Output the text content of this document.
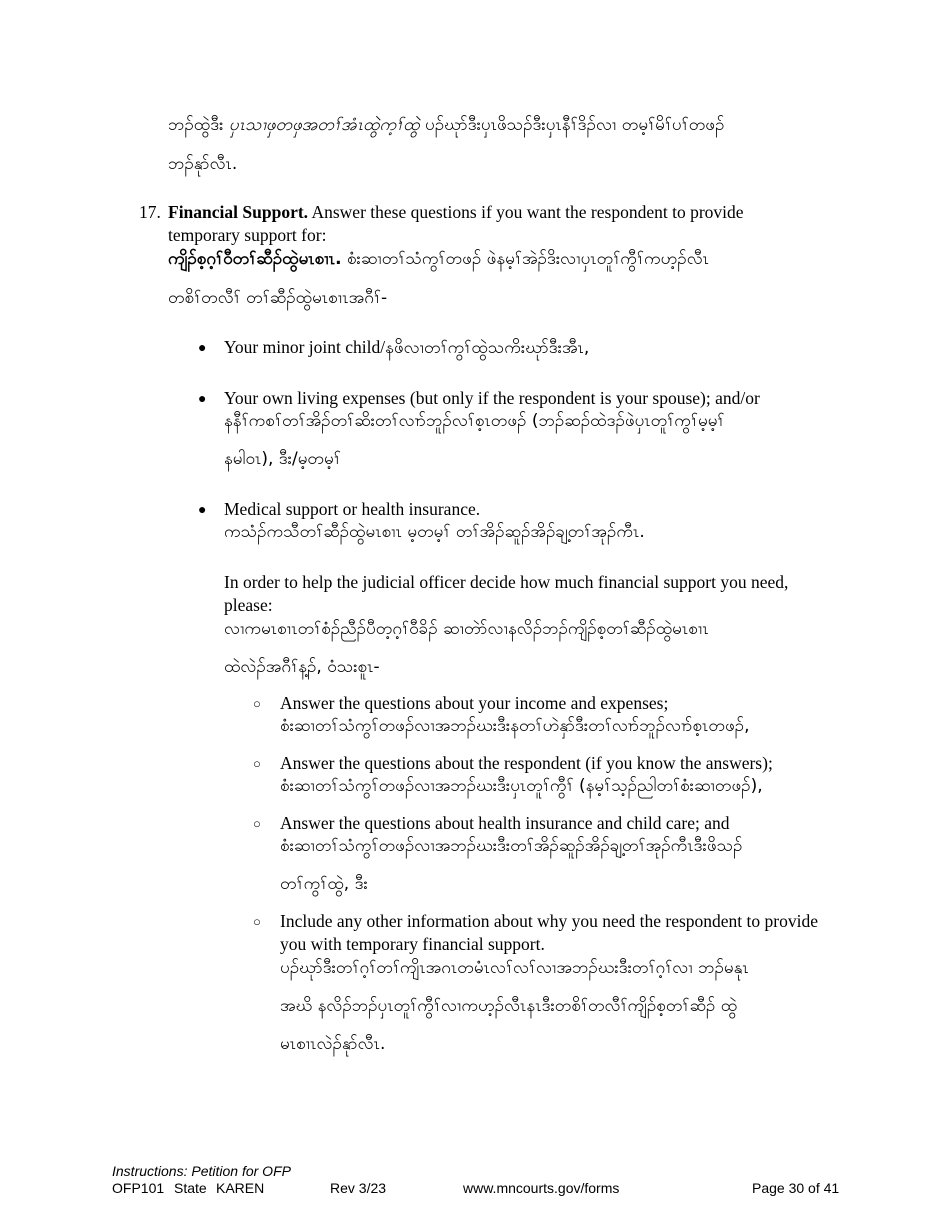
ဘၣ်ထွဲဒီး ပှၤသၢဖှတဖှအတၢ်အံၤထွဲက့ၢ်ထွဲ ပၣ်ဃုာ်ဒီးပှၤဖိသၣ်ဒီးပှၤနီၢ်ဒိၣ်လၢ တမ့ၢ်မိၢ်ပၢ်တဖၣ်
ဘၣ်နုာ်လီၤ.
17. Financial Support. Answer these questions if you want the respondent to provide
temporary support for:
ကျိၣ်စ့ဂ့ၢ်ဝီတၢ်ဆီၣ်ထွဲမၤစၢၤ. စံးဆၢတၢ်သံကွၢ်တဖၣ် ဖဲနမ့ၢ်အဲၣ်ဒိးလၢပှၤတူၢ်ကွီၢ်ကဟ့ၣ်လီၤ
တစိၢ်တလီၢ် တၢ်ဆီၣ်ထွဲမၤစၢၤအဂီၢ်-
● Your minor joint child/နဖိလၢတၢ်ကွၢ်ထွဲသကိးဃုာ်ဒီးအီၤ,
● Your own living expenses (but only if the respondent is your spouse); and/or
နနီၢ်ကစၢ်တၢ်အိၣ်တၢ်ဆိးတၢ်လၢာ်ဘူၣ်လၢ်စ့ၤတဖၣ် (ဘၣ်ဆၣ်ထဲဒၣ်ဖဲပှၤတူၢ်ကွၢ်မ့မ့ၢ်
နမါဝၤ), ဒီး/မ့တမ့ၢ်
● Medical support or health insurance.
ကသံၣ်ကသီတၢ်ဆီၣ်ထွဲမၤစၢၤ မ့တမ့ၢ် တၢ်အိၣ်ဆူၣ်အိၣ်ချ့တၢ်အုၣ်ကီၤ.
In order to help the judicial officer decide how much financial support you need,
please:
လၢကမၤစၢၤတၢ်စံၣ်ညီၣ်ပီတ့ဂ့ၢ်ဝီခိၣ် ဆၢတဲာ်လၢနလိၣ်ဘၣ်ကျိၣ်စ့တၢ်ဆီၣ်ထွဲမၤစၢၤ
ထဲလဲၣ်အဂီၢ်န့ၣ်, ဝံသးစူၤ-
○ Answer the questions about your income and expenses;
စံးဆၢတၢ်သံကွၢ်တဖၣ်လၢအဘၣ်ဃးဒီးနတၢ်ဟဲနှာ်ဒီးတၢ်လၢာ်ဘူၣ်လၢာ်စ့ၤတဖၣ်,
○ Answer the questions about the respondent (if you know the answers);
စံးဆၢတၢ်သံကွၢ်တဖၣ်လၢအဘၣ်ဃးဒီးပှၤတူၢ်ကွီၢ် (နမ့ၢ်သ့ၣ်ညါတၢ်စံးဆၢတဖၣ်),
○ Answer the questions about health insurance and child care; and
စံးဆၢတၢ်သံကွၢ်တဖၣ်လၢအဘၣ်ဃးဒီးတၢ်အိၣ်ဆူၣ်အိၣ်ချ့တၢ်အုၣ်ကီၤဒီးဖိသၣ်
တၢ်ကွၢ်ထွဲ, ဒီး
○ Include any other information about why you need the respondent to provide
you with temporary financial support.
ပၣ်ဃုာ်ဒီးတၢ်ဂ့ၢ်တၢ်ကျိၤအဂၤတမံၤလၢ်လၢ်လၢအဘၣ်ဃးဒီးတၢ်ဂ့ၢ်လၢ ဘၣ်မနုၤ
အဃိ နလိၣ်ဘၣ်ပှၤတူၢ်ကွီၢ်လၢကဟ့ၣ်လီၤနၤဒီးတစိၢ်တလီၢ်ကျိၣ်စ့တၢ်ဆီၣ် ထွဲ
မၤစၢၤလဲၣ်နုာ်လီၤ.
Instructions: Petition for OFP
OFP101 State KAREN	Rev 3/23	www.mncourts.gov/forms	Page 30 of 41
